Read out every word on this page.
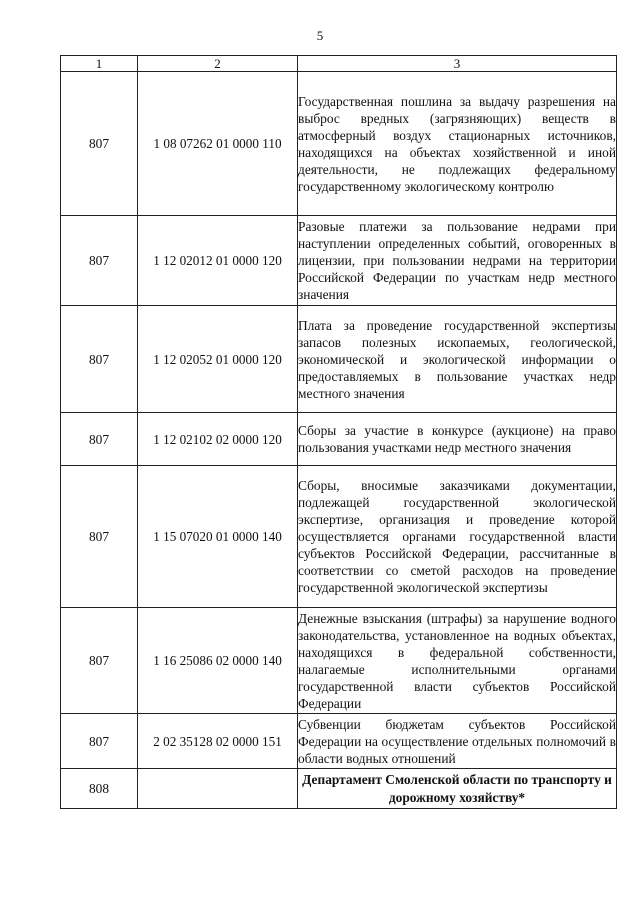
5
1	2	3
807	1 08 07262 01 0000 110	Государственная пошлина за выдачу разрешения на выброс вредных (загрязняющих) веществ в атмосферный воздух стационарных источников, находящихся на объектах хозяйственной и иной деятельности, не подлежащих федеральному государственному экологическому контролю
807	1 12 02012 01 0000 120	Разовые платежи за пользование недрами при наступлении определенных событий, оговоренных в лицензии, при пользовании недрами на территории Российской Федерации по участкам недр местного значения
807	1 12 02052 01 0000 120	Плата за проведение государственной экспертизы запасов полезных ископаемых, геологической, экономической и экологической информации о предоставляемых в пользование участках недр местного значения
807	1 12 02102 02 0000 120	Сборы за участие в конкурсе (аукционе) на право пользования участками недр местного значения
807	1 15 07020 01 0000 140	Сборы, вносимые заказчиками документации, подлежащей государственной экологической экспертизе, организация и проведение которой осуществляется органами государственной власти субъектов Российской Федерации, рассчитанные в соответствии со сметой расходов на проведение государственной экологической экспертизы
807	1 16 25086 02 0000 140	Денежные взыскания (штрафы) за нарушение водного законодательства, установленное на водных объектах, находящихся в федеральной собственности, налагаемые исполнительными органами государственной власти субъектов Российской Федерации
807	2 02 35128 02 0000 151	Субвенции бюджетам субъектов Российской Федерации на осуществление отдельных полномочий в области водных отношений
808		Департамент Смоленской области по транспорту и дорожному хозяйству*
